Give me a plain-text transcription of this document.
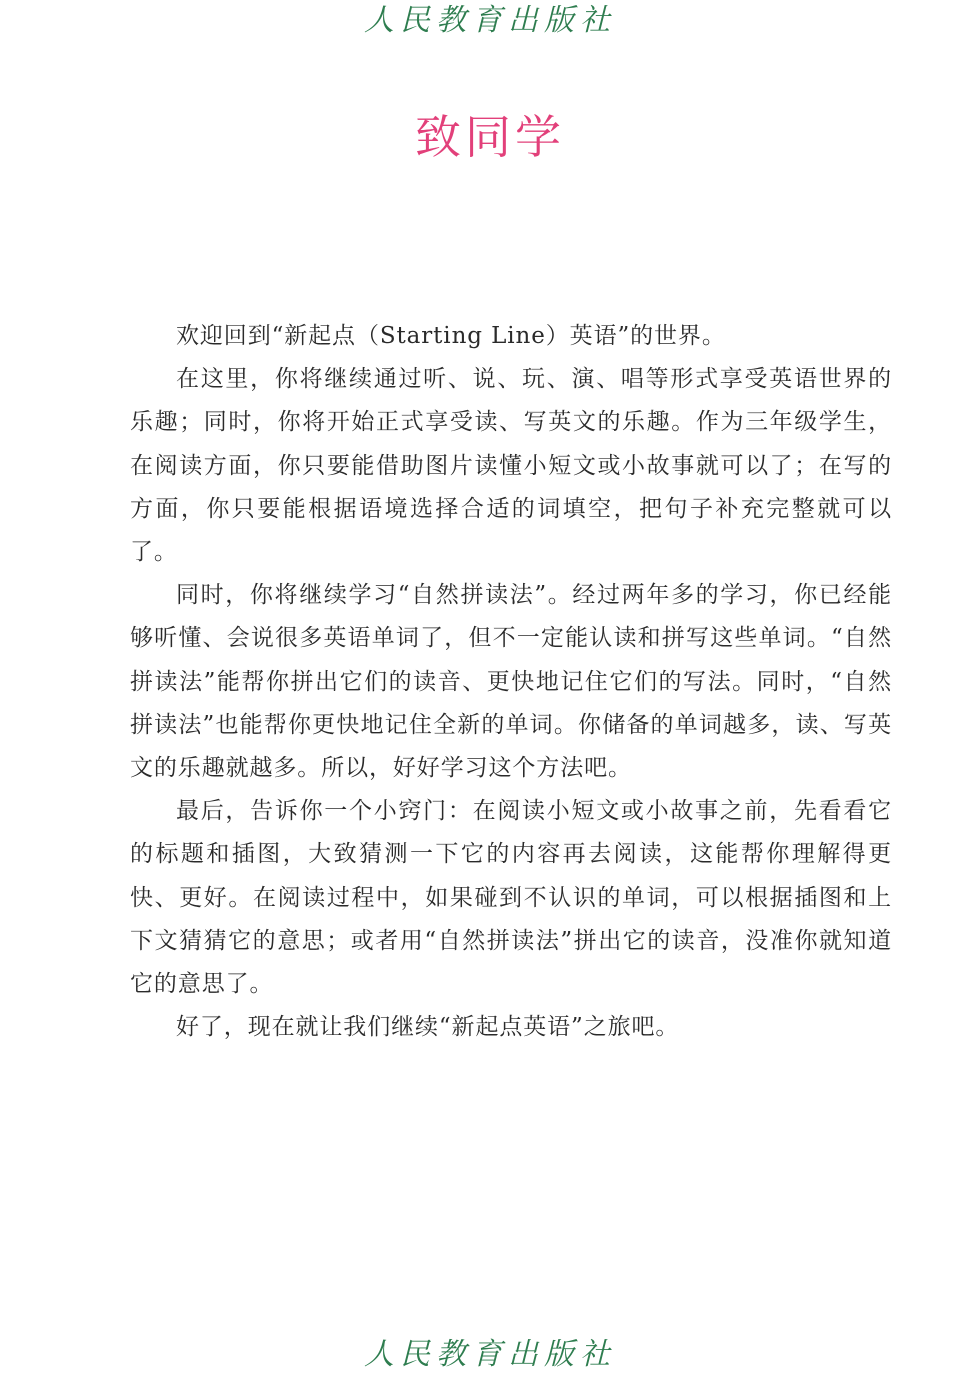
人民教育出版社
致同学

欢迎回到“新起点（Starting Line）英语”的世界。

在这里，你将继续通过听、说、玩、演、唱等形式享受英语世界的乐趣；同时，你将开始正式享受读、写英文的乐趣。作为三年级学生，在阅读方面，你只要能借助图片读懂小短文或小故事就可以了；在写的方面，你只要能根据语境选择合适的词填空，把句子补充完整就可以了。

同时，你将继续学习“自然拼读法”。经过两年多的学习，你已经能够听懂、会说很多英语单词了，但不一定能认读和拼写这些单词。“自然拼读法”能帮你拼出它们的读音、更快地记住它们的写法。同时，“自然拼读法”也能帮你更快地记住全新的单词。你储备的单词越多，读、写英文的乐趣就越多。所以，好好学习这个方法吧。

最后，告诉你一个小窍门：在阅读小短文或小故事之前，先看看它的标题和插图，大致猜测一下它的内容再去阅读，这能帮你理解得更快、更好。在阅读过程中，如果碰到不认识的单词，可以根据插图和上下文猜猜它的意思；或者用“自然拼读法”拼出它的读音，没准你就知道它的意思了。

好了，现在就让我们继续“新起点英语”之旅吧。

人民教育出版社
